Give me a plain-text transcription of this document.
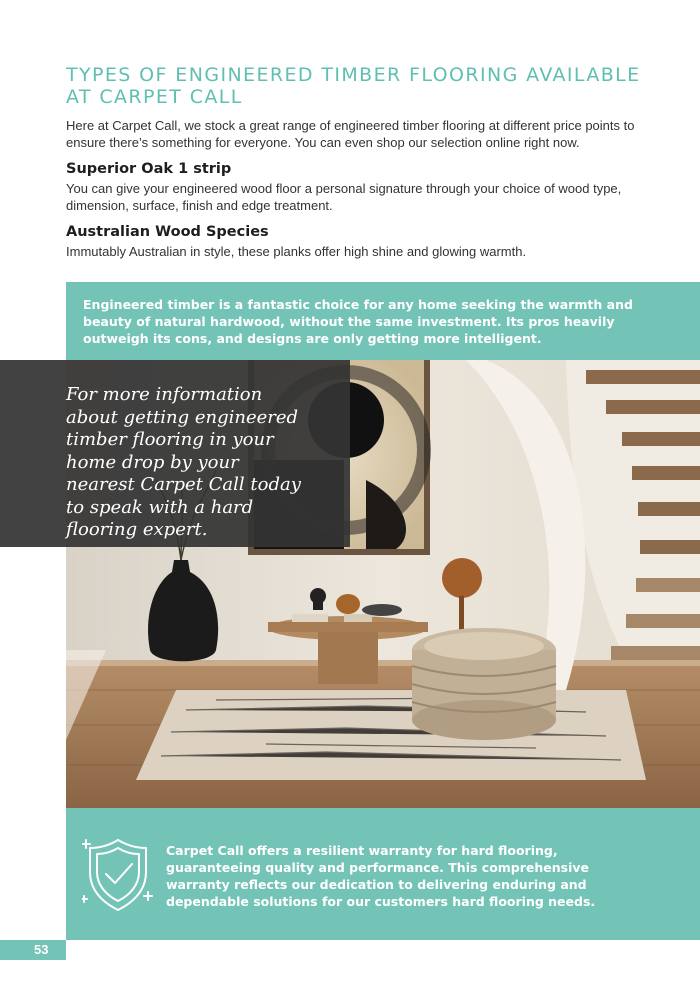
TYPES OF ENGINEERED TIMBER FLOORING AVAILABLE AT CARPET CALL

Here at Carpet Call, we stock a great range of engineered timber flooring at different price points to ensure there’s something for everyone. You can even shop our selection online right now.

Superior Oak 1 strip

You can give your engineered wood floor a personal signature through your choice of wood type, dimension, surface, finish and edge treatment.

Australian Wood Species

Immutably Australian in style, these planks offer high shine and glowing warmth.

Engineered timber is a fantastic choice for any home seeking the warmth and beauty of natural hardwood, without the same investment. Its pros heavily outweigh its cons, and designs are only getting more intelligent.

For more information about getting engineered timber flooring in your home drop by your nearest Carpet Call today to speak with a hard flooring expert.

Carpet Call offers a resilient warranty for hard flooring, guaranteeing quality and performance. This comprehensive warranty reflects our dedication to delivering enduring and dependable solutions for our customers hard flooring needs.

53
